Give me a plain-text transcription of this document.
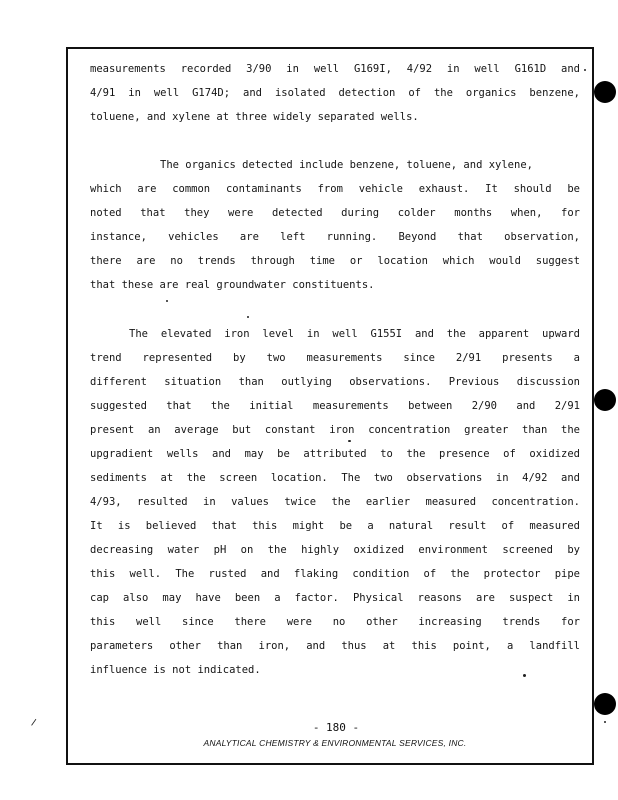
measurements recorded 3/90 in well G169I, 4/92 in well G161D and
4/91 in well G174D; and isolated detection of the organics benzene,
toluene, and xylene at three widely separated wells.
The organics detected include benzene, toluene, and xylene,
which are common contaminants from vehicle exhaust. It should be
noted that they were detected during colder months when, for
instance, vehicles are left running. Beyond that observation,
there are no trends through time or location which would suggest
that these are real groundwater constituents.
The elevated iron level in well G155I and the apparent upward
trend represented by two measurements since 2/91 presents a
different situation than outlying observations. Previous discussion
suggested that the initial measurements between 2/90 and 2/91
present an average but constant iron concentration greater than the
upgradient wells and may be attributed to the presence of oxidized
sediments at the screen location. The two observations in 4/92 and
4/93, resulted in values twice the earlier measured concentration.
It is believed that this might be a natural result of measured
decreasing water pH on the highly oxidized environment screened by
this well. The rusted and flaking condition of the protector pipe
cap also may have been a factor. Physical reasons are suspect in
this well since there were no other increasing trends for
parameters other than iron, and thus at this point, a landfill
influence is not indicated.
- 180 -
ANALYTICAL CHEMISTRY & ENVIRONMENTAL SERVICES, INC.
⸝
